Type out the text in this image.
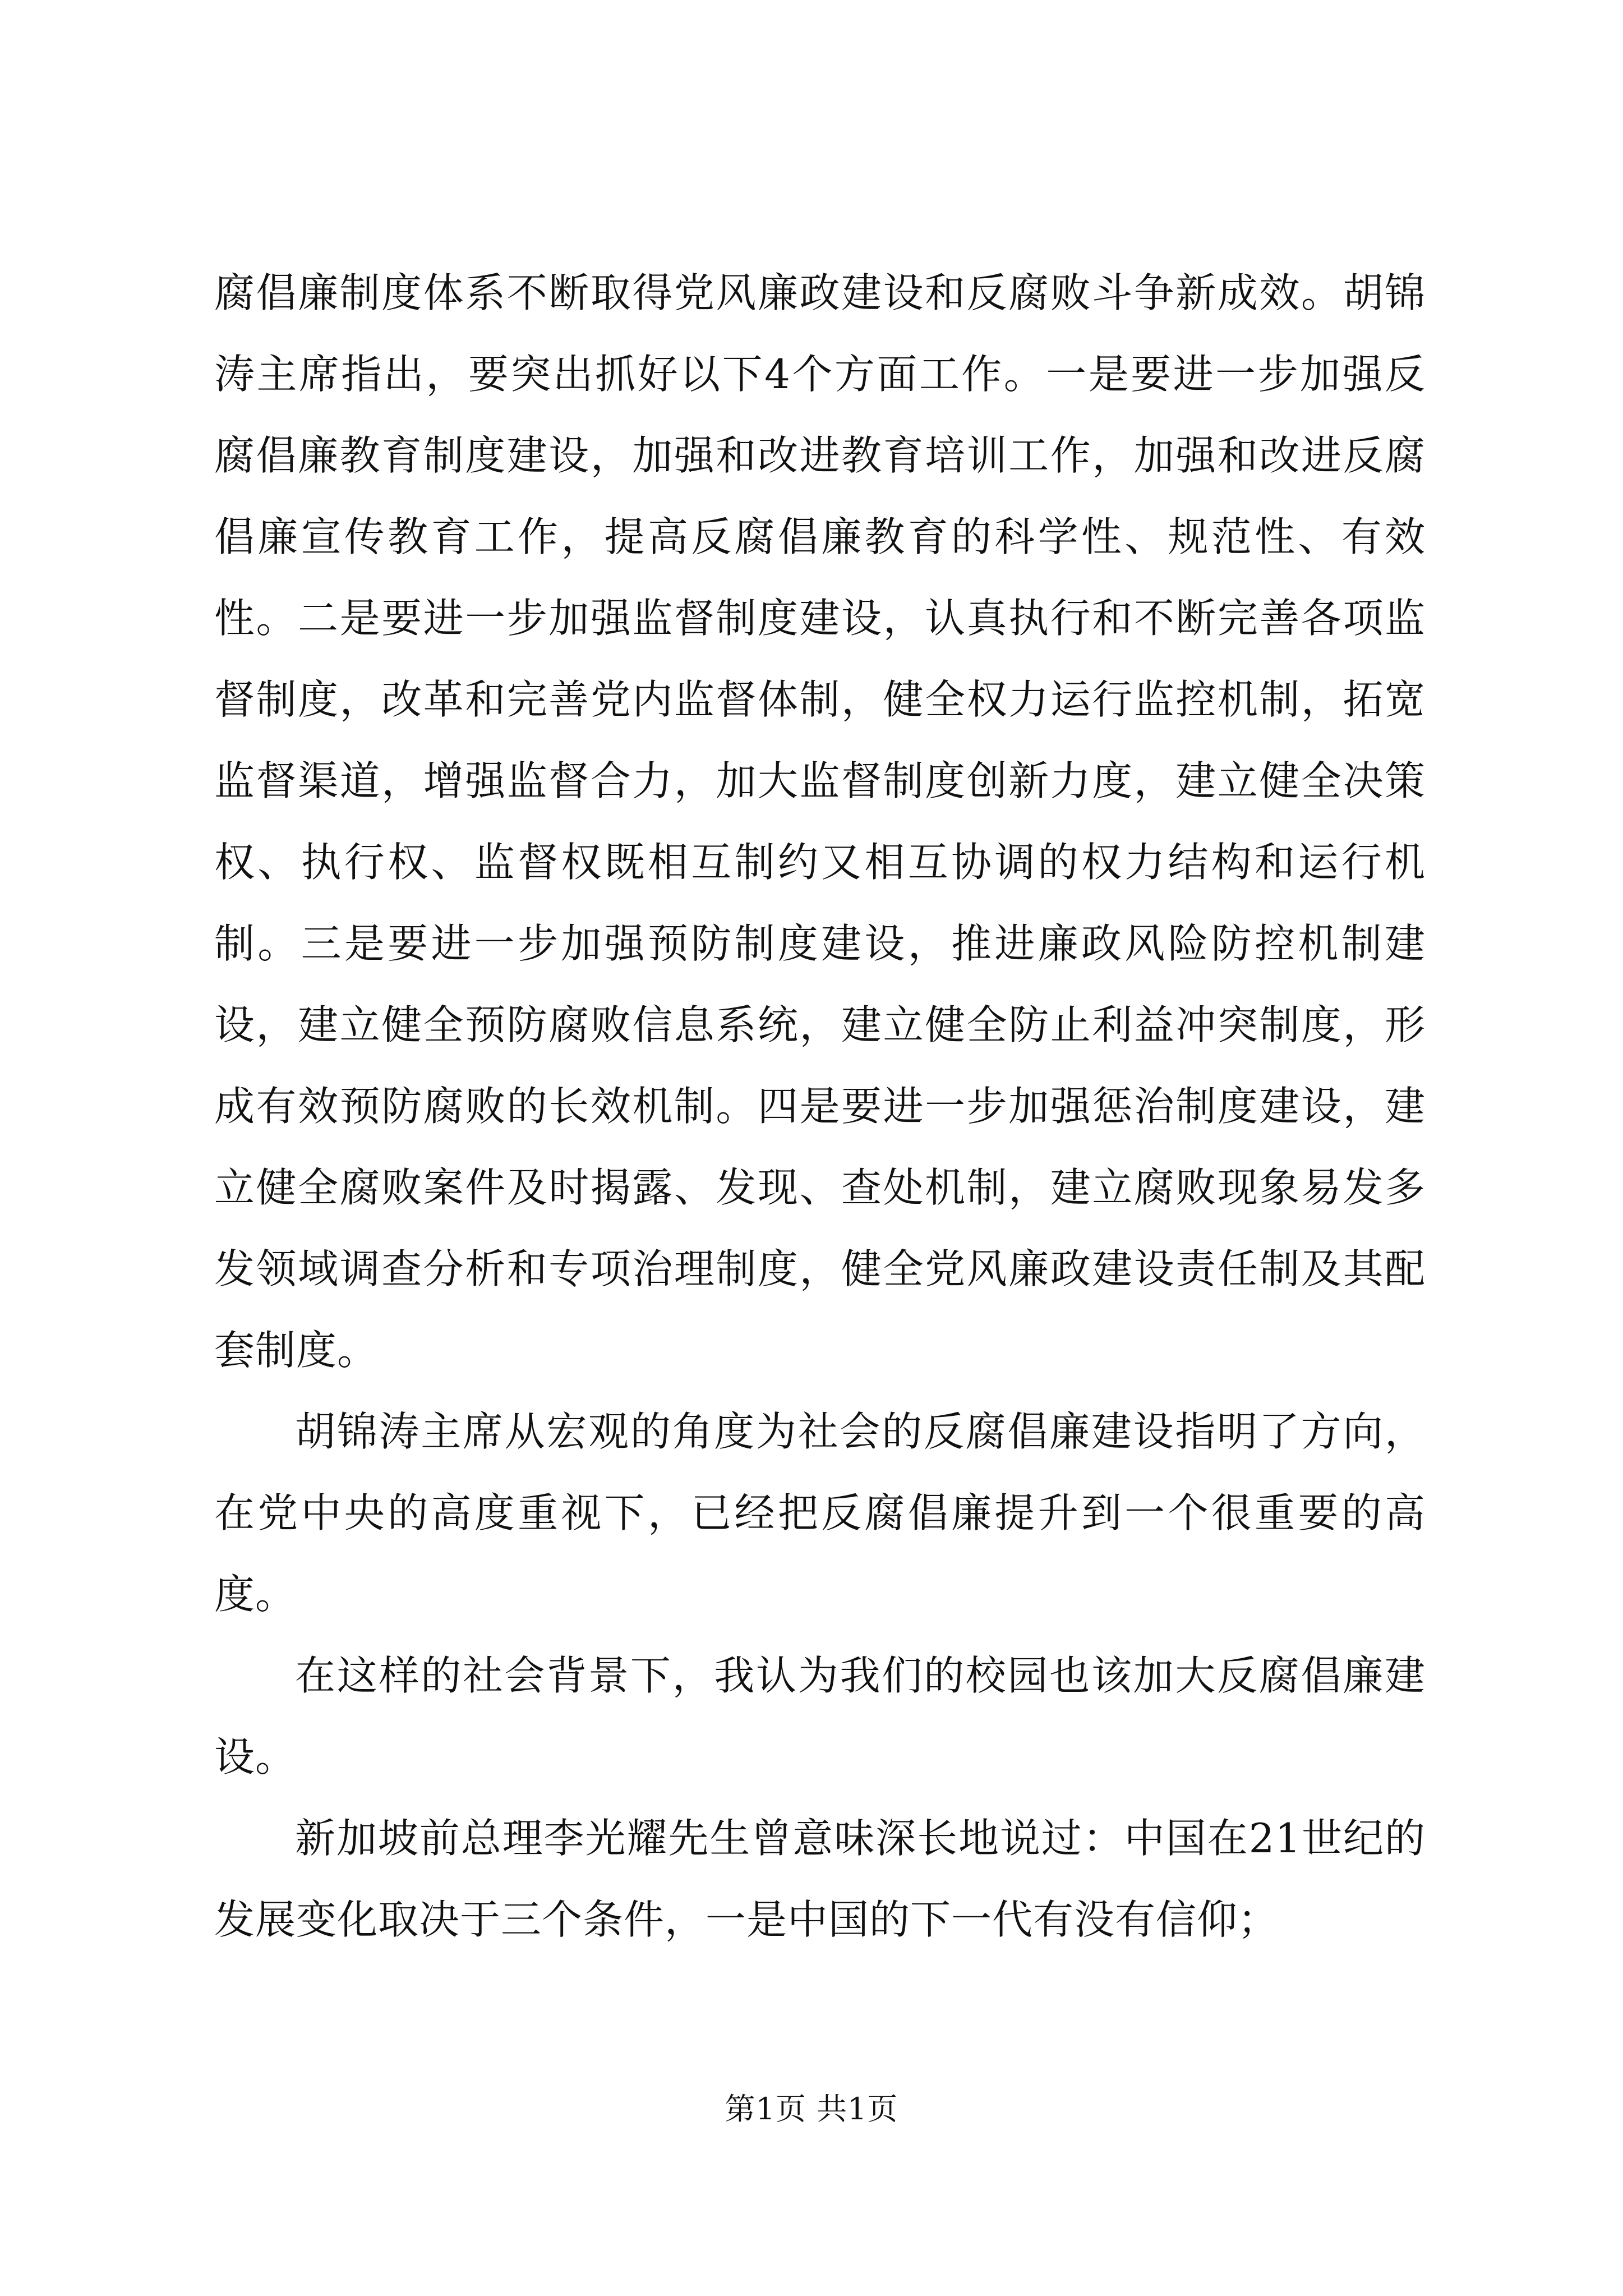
腐倡廉制度体系不断取得党风廉政建设和反腐败斗争新成效。胡锦涛主席指出，要突出抓好以下4个方面工作。一是要进一步加强反腐倡廉教育制度建设，加强和改进教育培训工作，加强和改进反腐倡廉宣传教育工作，提高反腐倡廉教育的科学性、规范性、有效性。二是要进一步加强监督制度建设，认真执行和不断完善各项监督制度，改革和完善党内监督体制，健全权力运行监控机制，拓宽监督渠道，增强监督合力，加大监督制度创新力度，建立健全决策权、执行权、监督权既相互制约又相互协调的权力结构和运行机制。三是要进一步加强预防制度建设，推进廉政风险防控机制建设，建立健全预防腐败信息系统，建立健全防止利益冲突制度，形成有效预防腐败的长效机制。四是要进一步加强惩治制度建设，建立健全腐败案件及时揭露、发现、查处机制，建立腐败现象易发多发领域调查分析和专项治理制度，健全党风廉政建设责任制及其配套制度。

胡锦涛主席从宏观的角度为社会的反腐倡廉建设指明了方向，在党中央的高度重视下，已经把反腐倡廉提升到一个很重要的高度。

在这样的社会背景下，我认为我们的校园也该加大反腐倡廉建设。

新加坡前总理李光耀先生曾意味深长地说过：中国在21世纪的发展变化取决于三个条件，一是中国的下一代有没有信仰；

第1页 共1页
